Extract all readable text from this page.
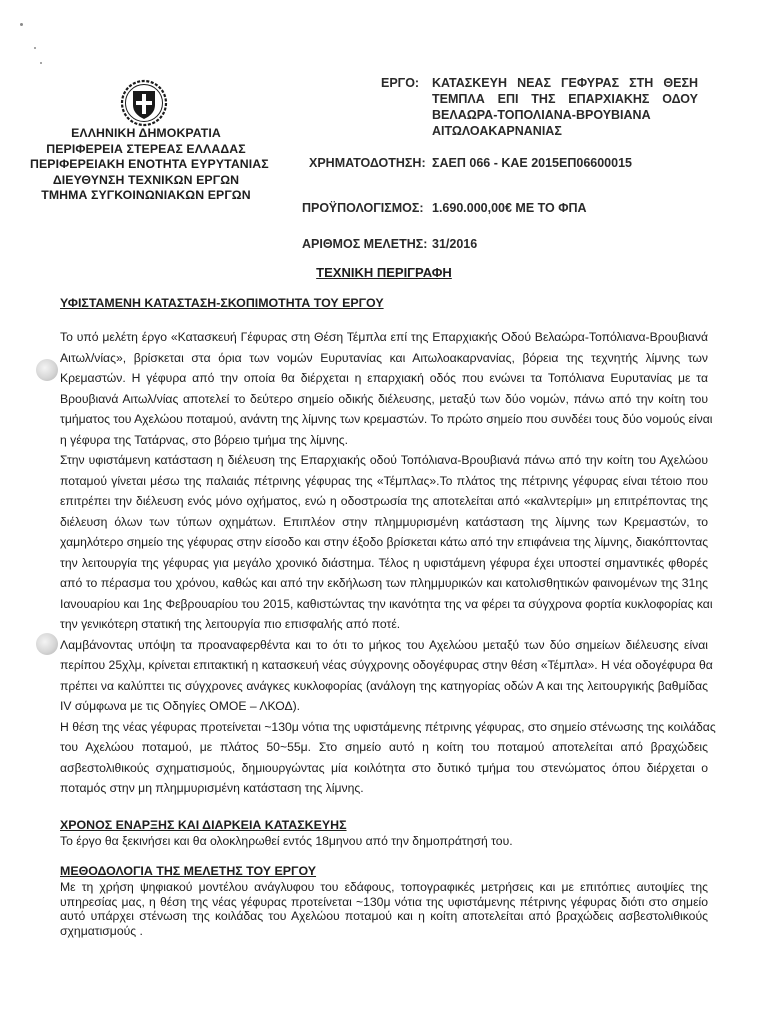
ΕΛΛΗΝΙΚΗ ΔΗΜΟΚΡΑΤΙΑ
ΠΕΡΙΦΕΡΕΙΑ ΣΤΕΡΕΑΣ ΕΛΛΑΔΑΣ
ΠΕΡΙΦΕΡΕΙΑΚΗ ΕΝΟΤΗΤΑ ΕΥΡΥΤΑΝΙΑΣ
ΔΙΕΥΘΥΝΣΗ ΤΕΧΝΙΚΩΝ ΕΡΓΩΝ
ΤΜΗΜΑ ΣΥΓΚΟΙΝΩΝΙΑΚΩΝ ΕΡΓΩΝ
ΕΡΓΟ: ΚΑΤΑΣΚΕΥΗ ΝΕΑΣ ΓΕΦΥΡΑΣ ΣΤΗ ΘΕΣΗ
ΤΕΜΠΛΑ ΕΠΙ ΤΗΣ ΕΠΑΡΧΙΑΚΗΣ ΟΔΟΥ
ΒΕΛΑΩΡΑ-ΤΟΠΟΛΙΑΝΑ-ΒΡΟΥΒΙΑΝΑ
ΑΙΤΩΛΟΑΚΑΡΝΑΝΙΑΣ
ΧΡΗΜΑΤΟΔΟΤΗΣΗ: ΣΑΕΠ 066 - ΚΑΕ 2015ΕΠ06600015
ΠΡΟΫΠΟΛΟΓΙΣΜΟΣ: 1.690.000,00€ ΜΕ ΤΟ ΦΠΑ
ΑΡΙΘΜΟΣ ΜΕΛΕΤΗΣ: 31/2016
ΤΕΧΝΙΚΗ ΠΕΡΙΓΡΑΦΗ
ΥΦΙΣΤΑΜΕΝΗ ΚΑΤΑΣΤΑΣΗ-ΣΚΟΠΙΜΟΤΗΤΑ ΤΟΥ ΕΡΓΟΥ
Το υπό μελέτη έργο «Κατασκευή Γέφυρας στη Θέση Τέμπλα επί της Επαρχιακής Οδού Βελαώρα-Τοπόλιανα-Βρουβιανά
Αιτωλ/νίας», βρίσκεται στα όρια των νομών Ευρυτανίας και Αιτωλοακαρνανίας, βόρεια της τεχνητής λίμνης των
Κρεμαστών. Η γέφυρα από την οποία θα διέρχεται η επαρχιακή οδός που ενώνει τα Τοπόλιανα Ευρυτανίας με τα
Βρουβιανά Αιτωλ/νίας αποτελεί το δεύτερο σημείο οδικής διέλευσης, μεταξύ των δύο νομών, πάνω από την κοίτη του
τμήματος του Αχελώου ποταμού, ανάντη της λίμνης των κρεμαστών. Το πρώτο σημείο που συνδέει τους δύο νομούς είναι
η γέφυρα της Τατάρνας, στο βόρειο τμήμα της λίμνης.
Στην υφιστάμενη κατάσταση η διέλευση της Επαρχιακής οδού Τοπόλιανα-Βρουβιανά πάνω από την κοίτη του Αχελώου
ποταμού γίνεται μέσω της παλαιάς πέτρινης γέφυρας της «Τέμπλας».Το πλάτος της πέτρινης γέφυρας είναι τέτοιο που
επιτρέπει την διέλευση ενός μόνο οχήματος, ενώ η οδοστρωσία της αποτελείται από «καλντερίμι» μη επιτρέποντας της
διέλευση όλων των τύπων οχημάτων. Επιπλέον στην πλημμυρισμένη κατάσταση της λίμνης των Κρεμαστών, το
χαμηλότερο σημείο της γέφυρας στην είσοδο και στην έξοδο βρίσκεται κάτω από την επιφάνεια της λίμνης, διακόπτοντας
την λειτουργία της γέφυρας για μεγάλο χρονικό διάστημα. Τέλος η υφιστάμενη γέφυρα έχει υποστεί σημαντικές φθορές
από το πέρασμα του χρόνου, καθώς και από την εκδήλωση των πλημμυρικών και κατολισθητικών φαινομένων της 31ης
Ιανουαρίου και 1ης Φεβρουαρίου του 2015, καθιστώντας την ικανότητα της να φέρει τα σύγχρονα φορτία κυκλοφορίας και
την γενικότερη στατική της λειτουργία πιο επισφαλής από ποτέ.
Λαμβάνοντας υπόψη τα προαναφερθέντα και το ότι το μήκος του Αχελώου μεταξύ των δύο σημείων διέλευσης είναι
περίπου 25χλμ, κρίνεται επιτακτική η κατασκευή νέας σύγχρονης οδογέφυρας στην θέση «Τέμπλα». Η νέα οδογέφυρα θα
πρέπει να καλύπτει τις σύγχρονες ανάγκες κυκλοφορίας (ανάλογη της κατηγορίας οδών Α και της λειτουργικής βαθμίδας
IV σύμφωνα με τις Οδηγίες ΟΜΟΕ – ΛΚΟΔ).
Η θέση της νέας γέφυρας προτείνεται ~130μ νότια της υφιστάμενης πέτρινης γέφυρας, στο σημείο στένωσης της κοιλάδας
του Αχελώου ποταμού, με πλάτος 50~55μ. Στο σημείο αυτό η κοίτη του ποταμού αποτελείται από βραχώδεις
ασβεστολιθικούς σχηματισμούς, δημιουργώντας μία κοιλότητα στο δυτικό τμήμα του στενώματος όπου διέρχεται ο
ποταμός στην μη πλημμυρισμένη κατάσταση της λίμνης.
ΧΡΟΝΟΣ ΕΝΑΡΞΗΣ ΚΑΙ ΔΙΑΡΚΕΙΑ ΚΑΤΑΣΚΕΥΗΣ
Το έργο θα ξεκινήσει και θα ολοκληρωθεί εντός 18μηνου από την δημοπράτησή του.
ΜΕΘΟΔΟΛΟΓΙΑ ΤΗΣ ΜΕΛΕΤΗΣ ΤΟΥ ΕΡΓΟΥ
Με τη χρήση ψηφιακού μοντέλου ανάγλυφου του εδάφους, τοπογραφικές μετρήσεις και με επιτόπιες αυτοψίες της
υπηρεσίας μας, η θέση της νέας γέφυρας προτείνεται ~130μ νότια της υφιστάμενης πέτρινης γέφυρας διότι στο σημείο
αυτό υπάρχει στένωση της κοιλάδας του Αχελώου ποταμού και η κοίτη αποτελείται από βραχώδεις ασβεστολιθικούς
σχηματισμούς .
